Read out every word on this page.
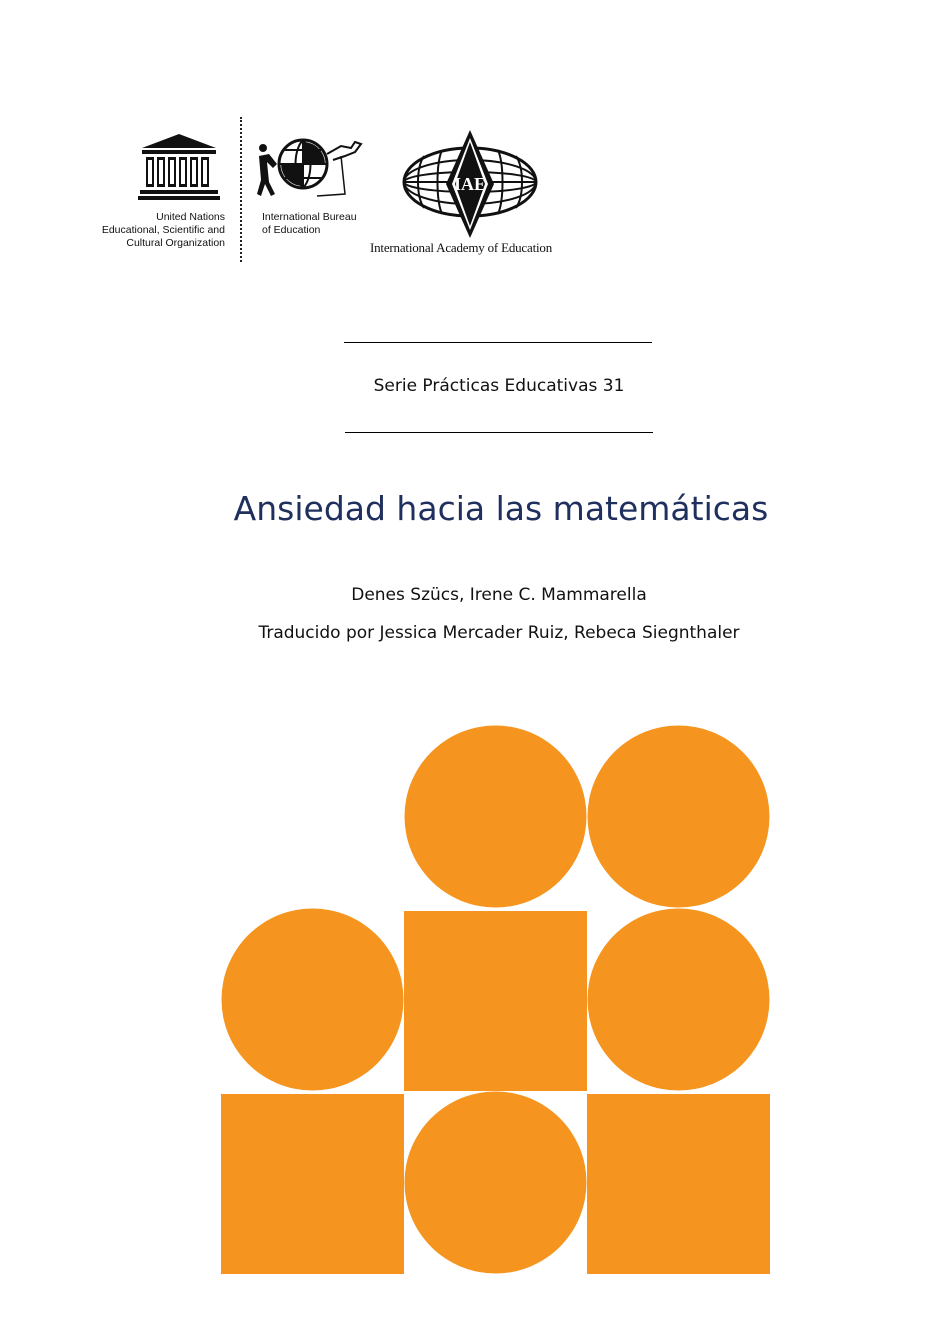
United Nations
Educational, Scientific and
Cultural Organization
International Bureau
of Education
IAE
International Academy of Education
Serie Prácticas Educativas 31
Ansiedad hacia las matemáticas
Denes Szücs, Irene C. Mammarella
Traducido por Jessica Mercader Ruiz, Rebeca Siegnthaler
